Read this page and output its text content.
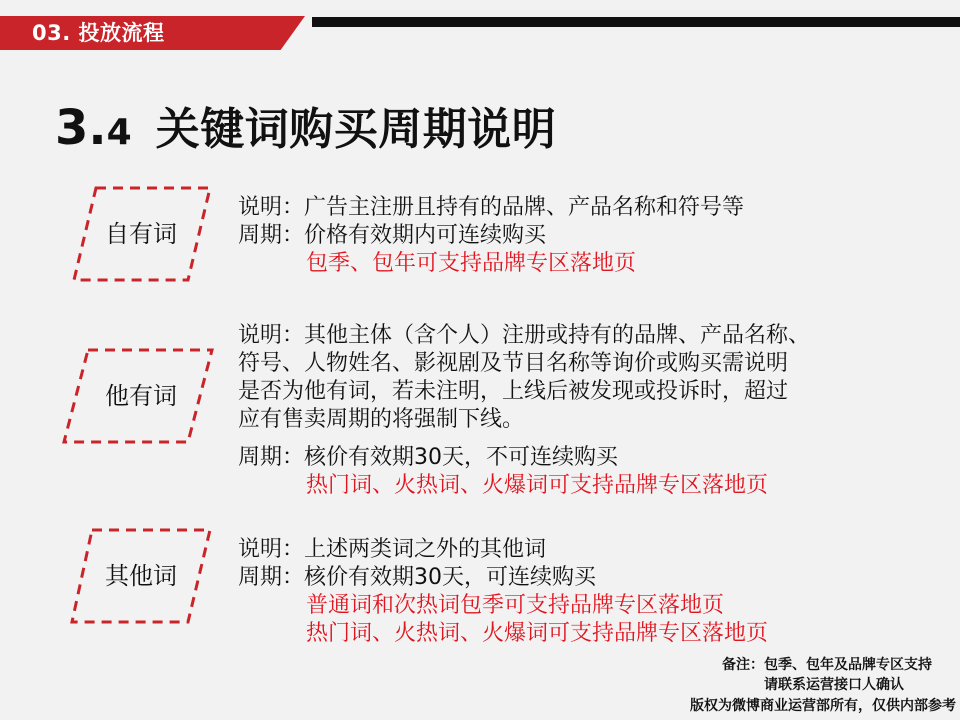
03. 投放流程
3. 4 关键词购买周期说明
自有词
说明：广告主注册且持有的品牌、产品名称和符号等
周期：价格有效期内可连续购买
包季、包年可支持品牌专区落地页
他有词
说明：其他主体（含个人）注册或持有的品牌、产品名称、
符号、人物姓名、影视剧及节目名称等询价或购买需说明
是否为他有词，若未注明，上线后被发现或投诉时，超过
应有售卖周期的将强制下线。
周期：核价有效期30天，不可连续购买
热门词、火热词、火爆词可支持品牌专区落地页
其他词
说明：上述两类词之外的其他词
周期：核价有效期30天，可连续购买
普通词和次热词包季可支持品牌专区落地页
热门词、火热词、火爆词可支持品牌专区落地页
备注：包季、包年及品牌专区支持
请联系运营接口人确认
版权为微博商业运营部所有，仅供内部参考
